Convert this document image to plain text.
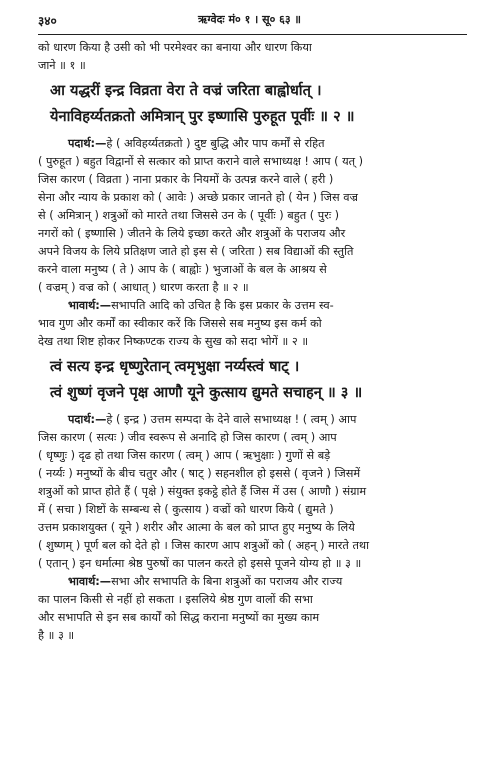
३४०	ऋग्वेदः मं० १ । सू० ६३ ॥

को धारण किया है उसी को भी परमेश्वर का बनाया और धारण किया

जाने ॥ १ ॥

आ यद्धरीं इन्द्र विव्रता वेरा ते वज्रं जरिता बाह्वोर्धात् ।
येनाविहर्य्यतक्रतो अमित्रान् पुर इष्णासि पुरुहूत पूर्वीः ॥ २ ॥

पदार्थ:—हे ( अविहर्य्यतक्रतो ) दुष्ट बुद्धि और पाप कर्मों से रहित

( पुरुहूत ) बहुत विद्वानों से सत्कार को प्राप्त कराने वाले सभाध्यक्ष ! आप ( यत् )

जिस कारण ( विव्रता ) नाना प्रकार के नियमों के उत्पन्न करने वाले ( हरी )

सेना और न्याय के प्रकाश को ( आवेः ) अच्छे प्रकार जानते हो ( येन ) जिस वज्र

से ( अमित्रान् ) शत्रुओं को मारते तथा जिससे उन के ( पूर्वीः ) बहुत ( पुरः )

नगरों को ( इष्णासि ) जीतने के लिये इच्छा करते और शत्रुओं के पराजय और

अपने विजय के लिये प्रतिक्षण जाते हो इस से ( जरिता ) सब विद्याओं की स्तुति

करने वाला मनुष्य ( ते ) आप के ( बाह्वोः ) भुजाओं के बल के आश्रय से

( वज्रम् ) वज्र को ( आधात् ) धारण करता है ॥ २ ॥

भावार्थ:—सभापति आदि को उचित है कि इस प्रकार के उत्तम स्व-

भाव गुण और कर्मों का स्वीकार करें कि जिससे सब मनुष्य इस कर्म को

देख तथा शिष्ट होकर निष्कण्टक राज्य के सुख को सदा भोगें ॥ २ ॥

त्वं सत्य इन्द्र धृष्णुरेतान् त्वमृभुक्षा नर्य्यस्त्वं षाट् ।
त्वं शुष्णं वृजने पृक्ष आणौ यूने कुत्साय द्युमते सचाहन् ॥ ३ ॥

पदार्थ:—हे ( इन्द्र ) उत्तम सम्पदा के देने वाले सभाध्यक्ष ! ( त्वम् ) आप

जिस कारण ( सत्यः ) जीव स्वरूप से अनादि हो जिस कारण ( त्वम् ) आप

( धृष्णुः ) दृढ हो तथा जिस कारण ( त्वम् ) आप ( ऋभुक्षाः ) गुणों से बड़े

( नर्य्यः ) मनुष्यों के बीच चतुर और ( षाट् ) सहनशील हो इससे ( वृजने ) जिसमें

शत्रुओं को प्राप्त होते हैं ( पृक्षे ) संयुक्त इकट्ठे होते हैं जिस में उस ( आणौ ) संग्राम

में ( सचा ) शिष्टों के सम्बन्ध से ( कुत्साय ) वज्रों को धारण किये ( द्युमते )

उत्तम प्रकाशयुक्त ( यूने ) शरीर और आत्मा के बल को प्राप्त हुए मनुष्य के लिये

( शुष्णम् ) पूर्ण बल को देते हो । जिस कारण आप शत्रुओं को ( अहन् ) मारते तथा

( एतान् ) इन धर्मात्मा श्रेष्ठ पुरुषों का पालन करते हो इससे पूजने योग्य हो ॥ ३ ॥

भावार्थ:—सभा और सभापति के बिना शत्रुओं का पराजय और राज्य

का पालन किसी से नहीं हो सकता । इसलिये श्रेष्ठ गुण वालों की सभा

और सभापति से इन सब कार्यों को सिद्ध कराना मनुष्यों का मुख्य काम

है ॥ ३ ॥
